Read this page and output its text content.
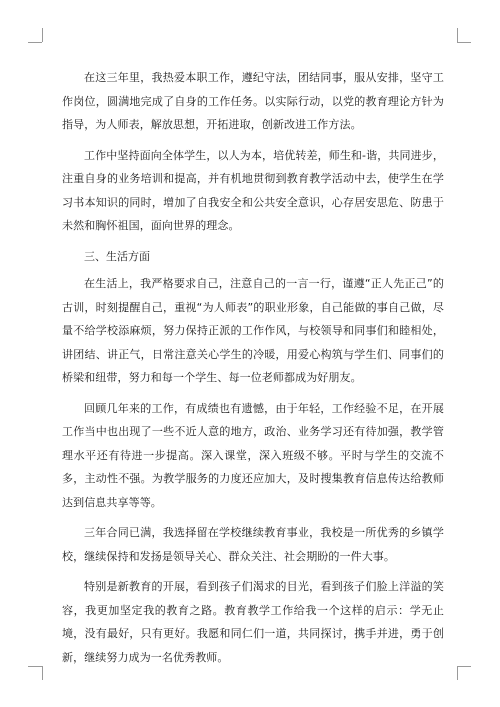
在这三年里，我热爱本职工作，遵纪守法，团结同事，服从安排，坚守工作岗位，圆满地完成了自身的工作任务。以实际行动，以党的教育理论方针为指导，为人师表，解放思想，开拓进取，创新改进工作方法。

工作中坚持面向全体学生，以人为本，培优转差，师生和-谐，共同进步，注重自身的业务培训和提高，并有机地贯彻到教育教学活动中去，使学生在学习书本知识的同时，增加了自我安全和公共安全意识，心存居安思危、防患于未然和胸怀祖国，面向世界的理念。

三、生活方面

在生活上，我严格要求自己，注意自己的一言一行，谨遵“正人先正己”的古训，时刻提醒自己，重视“为人师表”的职业形象，自己能做的事自己做，尽量不给学校添麻烦，努力保持正派的工作作风，与校领导和同事们和睦相处，讲团结、讲正气，日常注意关心学生的冷暖，用爱心构筑与学生们、同事们的桥梁和纽带，努力和每一个学生、每一位老师都成为好朋友。

回顾几年来的工作，有成绩也有遗憾，由于年轻，工作经验不足，在开展工作当中也出现了一些不近人意的地方，政治、业务学习还有待加强，教学管理水平还有待进一步提高。深入课堂，深入班级不够。平时与学生的交流不多，主动性不强。为教学服务的力度还应加大，及时搜集教育信息传达给教师达到信息共享等等。

三年合同已满，我选择留在学校继续教育事业，我校是一所优秀的乡镇学校，继续保持和发扬是领导关心、群众关注、社会期盼的一件大事。

特别是新教育的开展，看到孩子们渴求的目光，看到孩子们脸上洋溢的笑容，我更加坚定我的教育之路。教育教学工作给我一个这样的启示：学无止境，没有最好，只有更好。我愿和同仁们一道，共同探讨，携手并进，勇于创新，继续努力成为一名优秀教师。
